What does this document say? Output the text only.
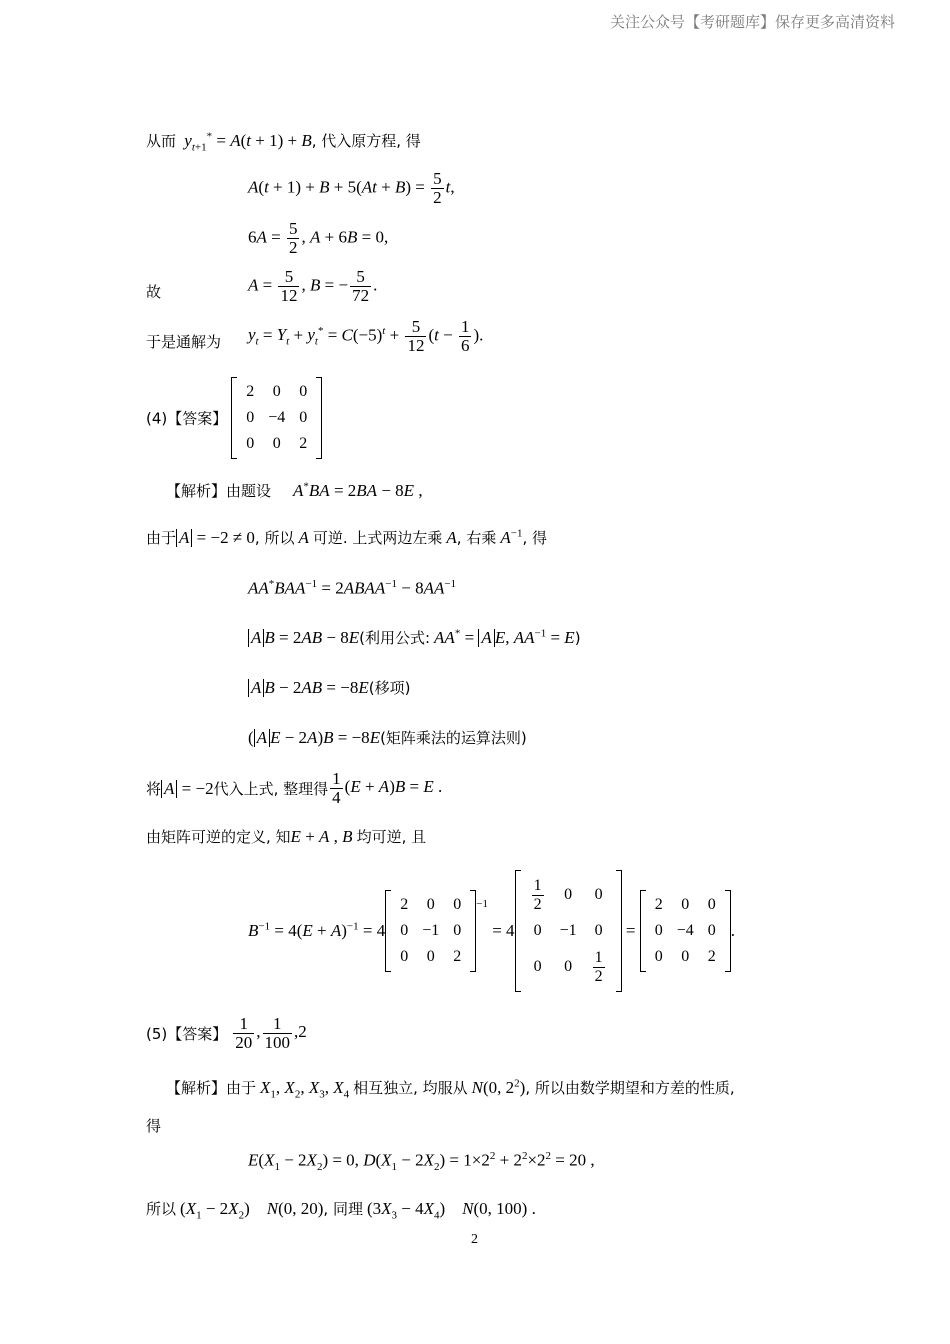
关注公众号【考研题库】保存更多高清资料
从而 $y_{t+1}^* = A(t + 1) + B$, 代入原方程, 得
$A(t + 1) + B + 5(At + B) = \frac{5}{2} t$,
$6A = \frac{5}{2}$ , A + 6B = 0,
故	$A = \frac{5}{12}$ , B = − $\frac{5}{72}$ .
于是通解为 $y_t = Y_t + y_t^* = C(-5)^t + \frac{5}{12} (t - \frac{1}{6}$ ).
(4)【答案】
2	0	0
0	−4	0
0	0	2
【解析】由题设 A*BA = 2BA − 8E ,
由于 A = −2 ≠ 0, 所以 A 可逆. 上式两边左乘 A, 右乘 $A^{-1}$, 得
$AA^*BAA^{-1}$ = $2ABAA^{-1} - 8AA^{-1}$
A B = 2AB − 8E(利用公式: AA* = A E, $AA^{-1} = E$)
A B − 2AB = −8E(移项)
( A E − 2A)B = −8E(矩阵乘法的运算法则)
将 A = −2代入上式, 整理得 $\frac{1}{4} (E + A)B = E$ .
由矩阵可逆的定义, 知E + A , B 均可逆, 且
$B^{-1} = 4(E + A)^{-1} = 4$
2	0	0
0	−1	0
0	0	2
$^{-1}$ = 4
$\frac{1}{2}$	0	0
0	−1	0
0	0	$\frac{1}{2}$
=
2	0	0
0	−4	0
0	0	2
.
(5)【答案】 $\frac{1}{20}$ , $\frac{1}{100} ,2$
【解析】由于 $X_1$, $X_2$, $X_3$, $X_4$ 相互独立, 均服从 N(0, $2^2$), 所以由数学期望和方差的性质,
得
$E(X_1 - 2X_2) = 0$, $D(X_1 - 2X_2) = 1\times 2^2 + 2^2\times 2^2 = 20$ ,
所以 $(X_1 - 2X_2)$    N(0, 20), 同理 $(3X_3 - 4X_4)$    N(0, 100) .
2
